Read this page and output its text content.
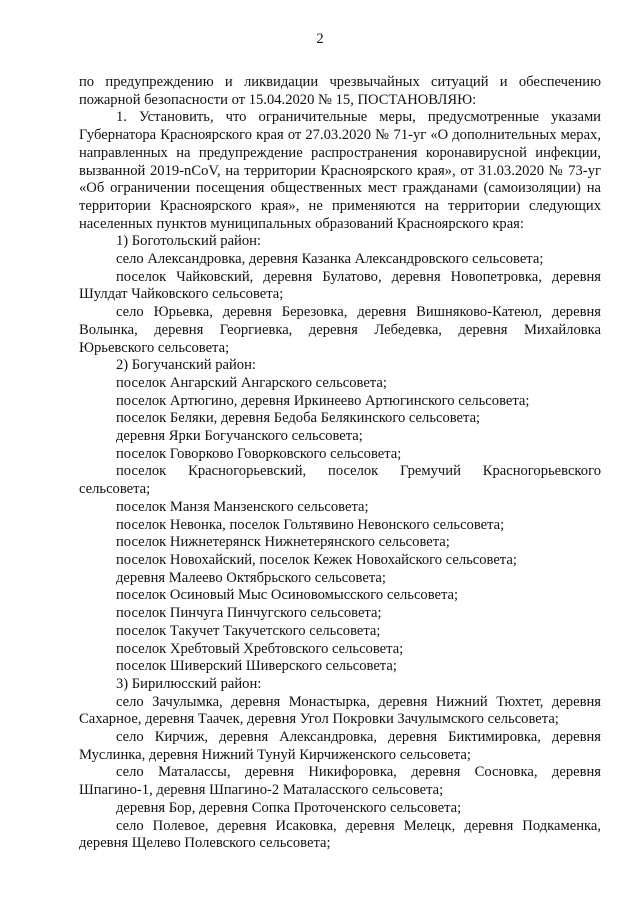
2

по предупреждению и ликвидации чрезвычайных ситуаций и обеспечению пожарной безопасности от 15.04.2020 № 15, ПОСТАНОВЛЯЮ:

1. Установить, что ограничительные меры, предусмотренные указами Губернатора Красноярского края от 27.03.2020 № 71-уг «О дополнительных мерах, направленных на предупреждение распространения коронавирусной инфекции, вызванной 2019-nCoV, на территории Красноярского края», от 31.03.2020 № 73-уг «Об ограничении посещения общественных мест гражданами (самоизоляции) на территории Красноярского края», не применяются на территории следующих населенных пунктов муниципальных образований Красноярского края:

1) Боготольский район:

село Александровка, деревня Казанка Александровского сельсовета;

поселок Чайковский, деревня Булатово, деревня Новопетровка, деревня Шулдат Чайковского сельсовета;

село Юрьевка, деревня Березовка, деревня Вишняково-Катеюл, деревня Волынка, деревня Георгиевка, деревня Лебедевка, деревня Михайловка Юрьевского сельсовета;

2) Богучанский район:

поселок Ангарский Ангарского сельсовета;

поселок Артюгино, деревня Иркинеево Артюгинского сельсовета;

поселок Беляки, деревня Бедоба Белякинского сельсовета;

деревня Ярки Богучанского сельсовета;

поселок Говорково Говорковского сельсовета;

поселок Красногорьевский, поселок Гремучий Красногорьевского сельсовета;

поселок Манзя Манзенского сельсовета;

поселок Невонка, поселок Гольтявино Невонского сельсовета;

поселок Нижнетерянск Нижнетерянского сельсовета;

поселок Новохайский, поселок Кежек Новохайского сельсовета;

деревня Малеево Октябрьского сельсовета;

поселок Осиновый Мыс Осиновомысского сельсовета;

поселок Пинчуга Пинчугского сельсовета;

поселок Такучет Такучетского сельсовета;

поселок Хребтовый Хребтовского сельсовета;

поселок Шиверский Шиверского сельсовета;

3) Бирилюсский район:

село Зачулымка, деревня Монастырка, деревня Нижний Тюхтет, деревня Сахарное, деревня Таачек, деревня Угол Покровки Зачулымского сельсовета;

село Кирчиж, деревня Александровка, деревня Биктимировка, деревня Муслинка, деревня Нижний Тунуй Кирчиженского сельсовета;

село Маталассы, деревня Никифоровка, деревня Сосновка, деревня Шпагино-1, деревня Шпагино-2 Маталасского сельсовета;

деревня Бор, деревня Сопка Проточенского сельсовета;

село Полевое, деревня Исаковка, деревня Мелецк, деревня Подкаменка, деревня Щелево Полевского сельсовета;
